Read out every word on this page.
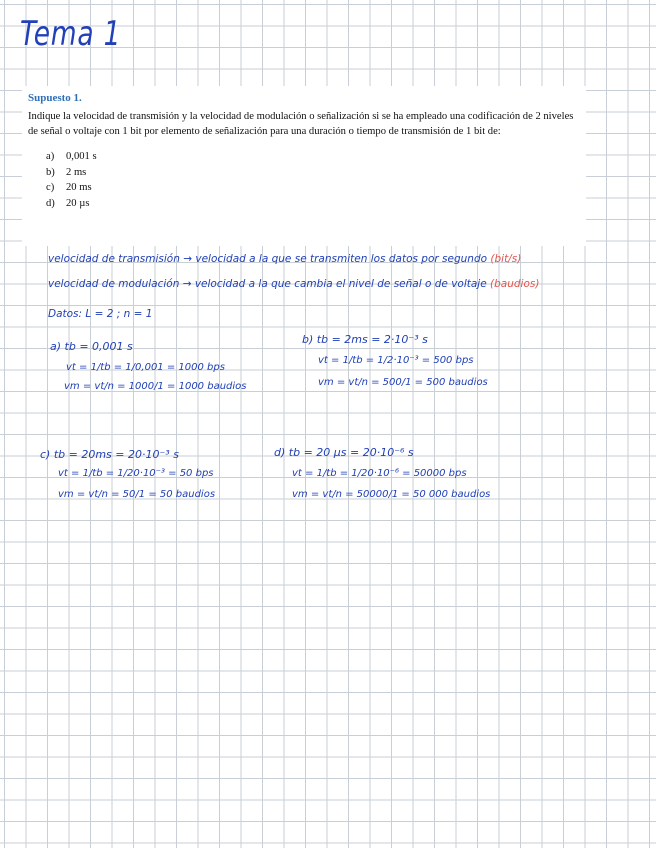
Tema 1
Supuesto 1.

Indique la velocidad de transmisión y la velocidad de modulación o señalización si se ha empleado una codificación de 2 niveles de señal o voltaje con 1 bit por elemento de señalización para una duración o tiempo de transmisión de 1 bit de:

a) 0,001 s
b) 2 ms
c) 20 ms
d) 20 µs
velocidad de transmisión → velocidad a la que se transmiten los datos por segundo (bit/s)
velocidad de modulación → velocidad a la que cambia el nivel de señal o de voltaje (baudios)
Datos: L = 2 ; n = 1
a) tb = 0,001 s
vt = 1/tb = 1/0,001 = 1000 bps
vm = vt/n = 1000/1 = 1000 baudios
b) tb = 2ms = 2·10⁻³ s
vt = 1/tb = 1/2·10⁻³ = 500 bps
vm = vt/n = 500/1 = 500 baudios
c) tb = 20ms = 20·10⁻³ s
vt = 1/tb = 1/20·10⁻³ = 50 bps
vm = vt/n = 50/1 = 50 baudios
d) tb = 20 µs = 20·10⁻⁶ s
vt = 1/tb = 1/20·10⁻⁶ = 50000 bps
vm = vt/n = 50000/1 = 50 000 baudios
